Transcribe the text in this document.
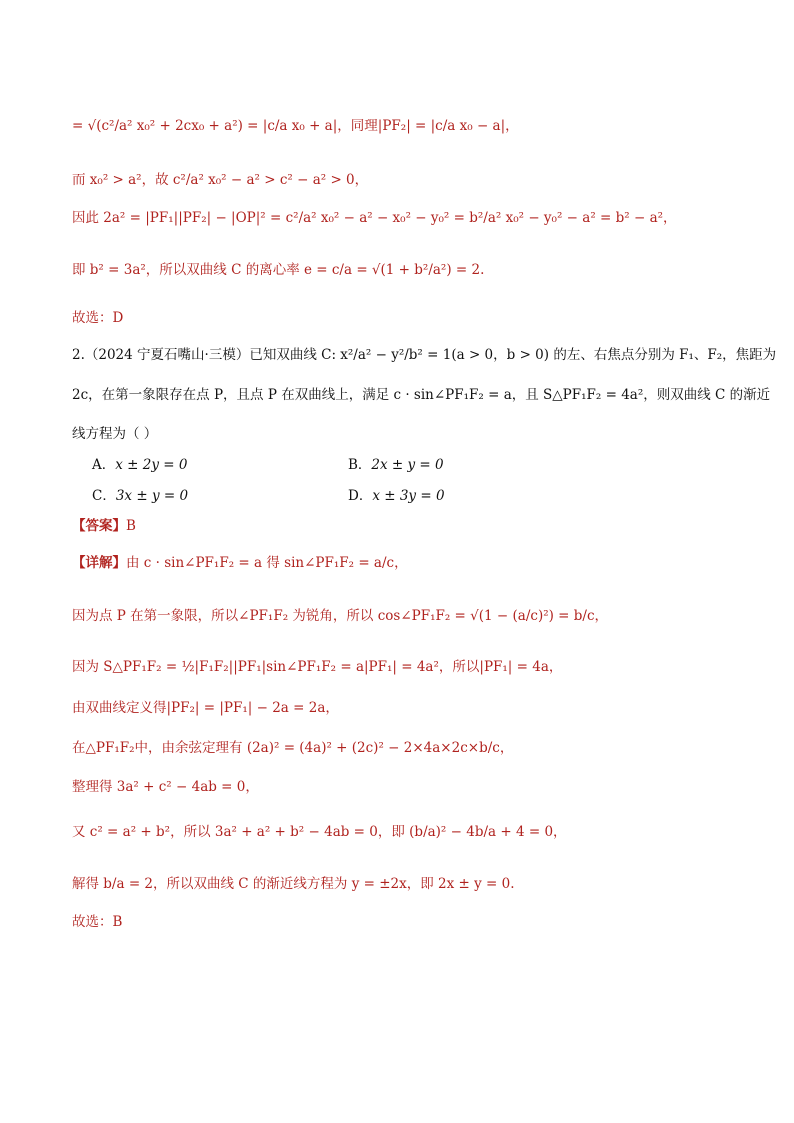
= √(c²/a² x₀² + 2cx₀ + a²) = |c/a x₀ + a|，同理|PF₂| = |c/a x₀ − a|，
而 x₀² > a²，故 c²/a² x₀² − a² > c² − a² > 0，
因此 2a² = |PF₁||PF₂| − |OP|² = c²/a² x₀² − a² − x₀² − y₀² = b²/a² x₀² − y₀² − a² = b² − a²，
即 b² = 3a²，所以双曲线 C 的离心率 e = c/a = √(1 + b²/a²) = 2.
故选：D
2.（2024 宁夏石嘴山·三模）已知双曲线 C: x²/a² − y²/b² = 1(a > 0，b > 0) 的左、右焦点分别为 F₁、F₂，焦距为
2c，在第一象限存在点 P，且点 P 在双曲线上，满足 c · sin∠PF₁F₂ = a，且 S△PF₁F₂ = 4a²，则双曲线 C 的渐近
线方程为（ ）
A．x ± 2y = 0	B．2x ± y = 0
C．3x ± y = 0	D．x ± 3y = 0
【答案】B
【详解】由 c · sin∠PF₁F₂ = a 得 sin∠PF₁F₂ = a/c，
因为点 P 在第一象限，所以∠PF₁F₂ 为锐角，所以 cos∠PF₁F₂ = √(1 − (a/c)²) = b/c，
因为 S△PF₁F₂ = ½|F₁F₂||PF₁|sin∠PF₁F₂ = a|PF₁| = 4a²，所以|PF₁| = 4a，
由双曲线定义得|PF₂| = |PF₁| − 2a = 2a，
在△PF₁F₂中，由余弦定理有 (2a)² = (4a)² + (2c)² − 2×4a×2c×b/c，
整理得 3a² + c² − 4ab = 0，
又 c² = a² + b²，所以 3a² + a² + b² − 4ab = 0，即 (b/a)² − 4b/a + 4 = 0，
解得 b/a = 2，所以双曲线 C 的渐近线方程为 y = ±2x，即 2x ± y = 0.
故选：B
